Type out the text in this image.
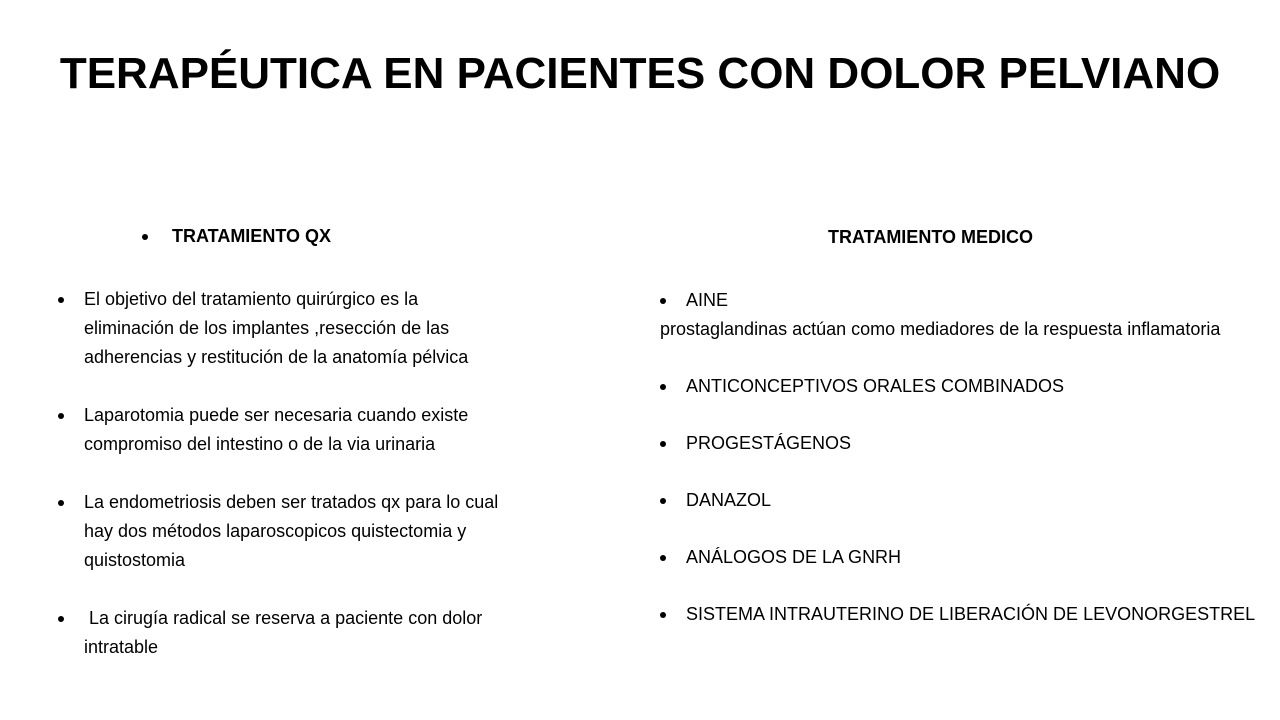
TERAPÉUTICA EN PACIENTES CON DOLOR PELVIANO
TRATAMIENTO QX
El objetivo del tratamiento quirúrgico es la eliminación de los implantes ,resección de las adherencias y restitución de la anatomía pélvica
Laparotomia puede ser necesaria cuando existe compromiso del intestino o de la via urinaria
La endometriosis deben ser tratados qx para lo cual hay dos métodos laparoscopicos quistectomia y quistostomia
La cirugía radical se reserva a paciente con dolor intratable
TRATAMIENTO MEDICO
AINE
prostaglandinas actúan como mediadores de la respuesta inflamatoria
ANTICONCEPTIVOS ORALES COMBINADOS
PROGESTÁGENOS
DANAZOL
ANÁLOGOS DE LA GNRH
SISTEMA INTRAUTERINO DE LIBERACIÓN DE LEVONORGESTREL
